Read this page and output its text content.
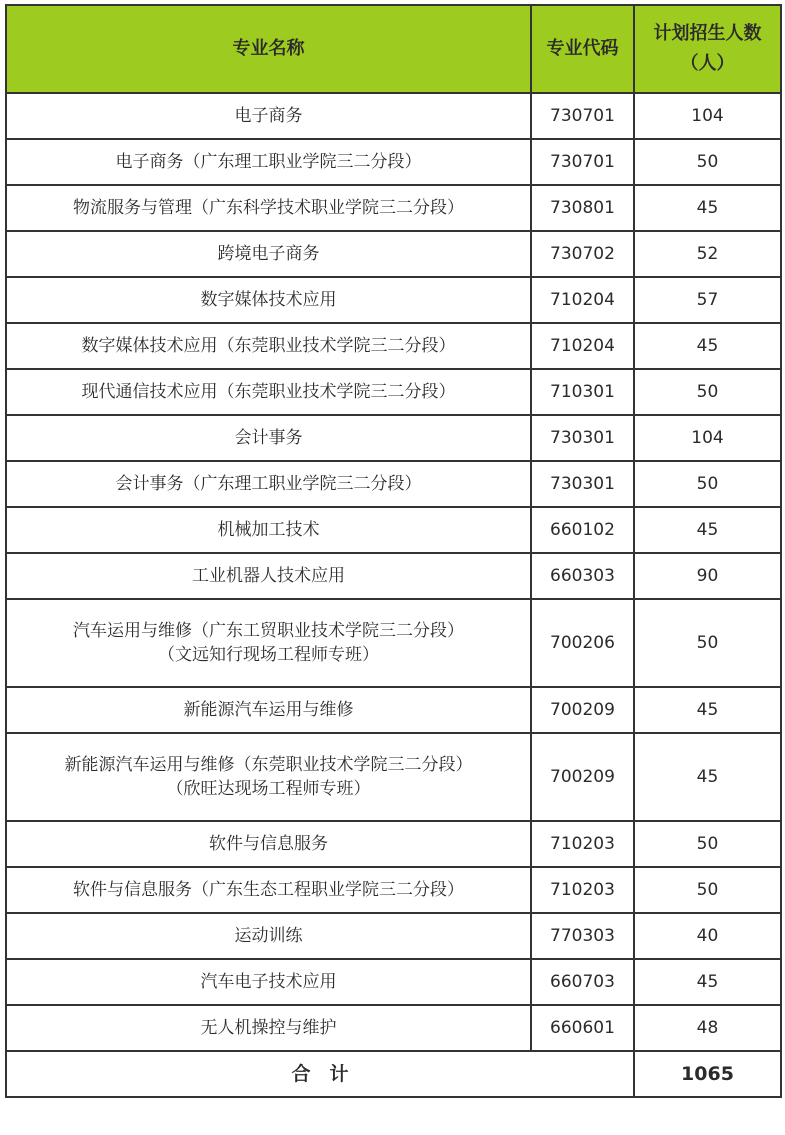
专业名称	专业代码	计划招生人数
（人）

电子商务	730701	104

电子商务（广东理工职业学院三二分段）	730701	50

物流服务与管理（广东科学技术职业学院三二分段）	730801	45

跨境电子商务	730702	52

数字媒体技术应用	710204	57

数字媒体技术应用（东莞职业技术学院三二分段）	710204	45

现代通信技术应用（东莞职业技术学院三二分段）	710301	50

会计事务	730301	104

会计事务（广东理工职业学院三二分段）	730301	50

机械加工技术	660102	45

工业机器人技术应用	660303	90

汽车运用与维修（广东工贸职业技术学院三二分段）
（文远知行现场工程师专班）	700206	50

新能源汽车运用与维修	700209	45

新能源汽车运用与维修（东莞职业技术学院三二分段）
（欣旺达现场工程师专班）	700209	45

软件与信息服务	710203	50

软件与信息服务（广东生态工程职业学院三二分段）	710203	50

运动训练	770303	40

汽车电子技术应用	660703	45

无人机操控与维护	660601	48
合　计		1065
